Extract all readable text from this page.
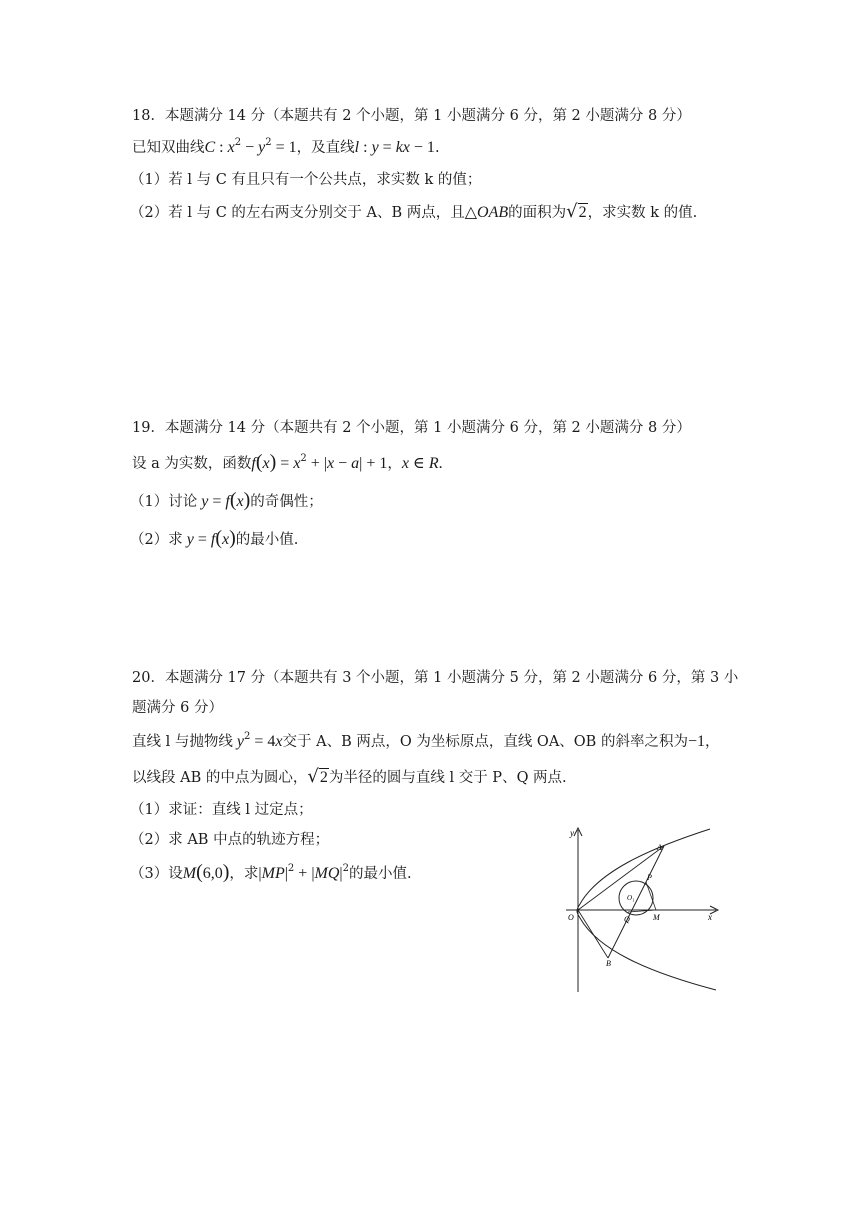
18．本题满分 14 分（本题共有 2 个小题，第 1 小题满分 6 分，第 2 小题满分 8 分）
已知双曲线C : $x^2 - y^2 = 1$，及直线l : y = kx − 1.
（1）若 l 与 C 有且只有一个公共点，求实数 k 的值；
（2）若 l 与 C 的左右两支分别交于 A、B 两点，且△OAB的面积为√2，求实数 k 的值.
19．本题满分 14 分（本题共有 2 个小题，第 1 小题满分 6 分，第 2 小题满分 8 分）
设 a 为实数，函数$f(x) = x^2 + |x - a| + 1$，x ∈ R.
（1）讨论 y = f(x)的奇偶性；
（2）求 y = f(x)的最小值.
20．本题满分 17 分（本题共有 3 个小题，第 1 小题满分 5 分，第 2 小题满分 6 分，第 3 小
题满分 6 分）
直线 l 与抛物线 $y^2 = 4x$交于 A、B 两点，O 为坐标原点，直线 OA、OB 的斜率之积为−1，
以线段 AB 的中点为圆心，√2为半径的圆与直线 l 交于 P、Q 两点.
（1）求证：直线 l 过定点；
（2）求 AB 中点的轨迹方程；
（3）设M(6,0)，求$|MP|^2 + |MQ|^2$的最小值.
y
x
O
A
B
P
Q	M
O₁
